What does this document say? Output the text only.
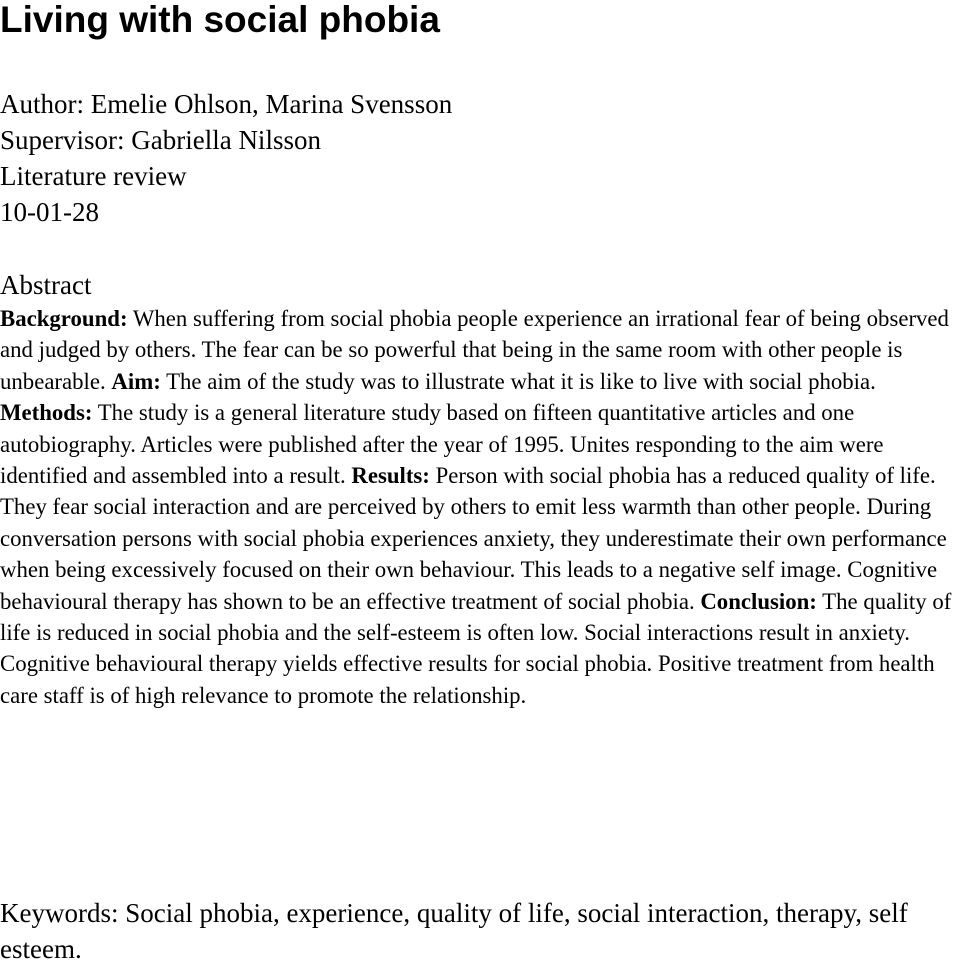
Living with social phobia
Author: Emelie Ohlson, Marina Svensson
Supervisor: Gabriella Nilsson
Literature review
10-01-28
Abstract

Background: When suffering from social phobia people experience an irrational fear of being observed and judged by others. The fear can be so powerful that being in the same room with other people is unbearable. Aim: The aim of the study was to illustrate what it is like to live with social phobia. Methods: The study is a general literature study based on fifteen quantitative articles and one autobiography. Articles were published after the year of 1995. Unites responding to the aim were identified and assembled into a result. Results: Person with social phobia has a reduced quality of life. They fear social interaction and are perceived by others to emit less warmth than other people. During conversation persons with social phobia experiences anxiety, they underestimate their own performance when being excessively focused on their own behaviour. This leads to a negative self image. Cognitive behavioural therapy has shown to be an effective treatment of social phobia. Conclusion: The quality of life is reduced in social phobia and the self-esteem is often low. Social interactions result in anxiety. Cognitive behavioural therapy yields effective results for social phobia. Positive treatment from health care staff is of high relevance to promote the relationship.

Keywords: Social phobia, experience, quality of life, social interaction, therapy, self esteem.
